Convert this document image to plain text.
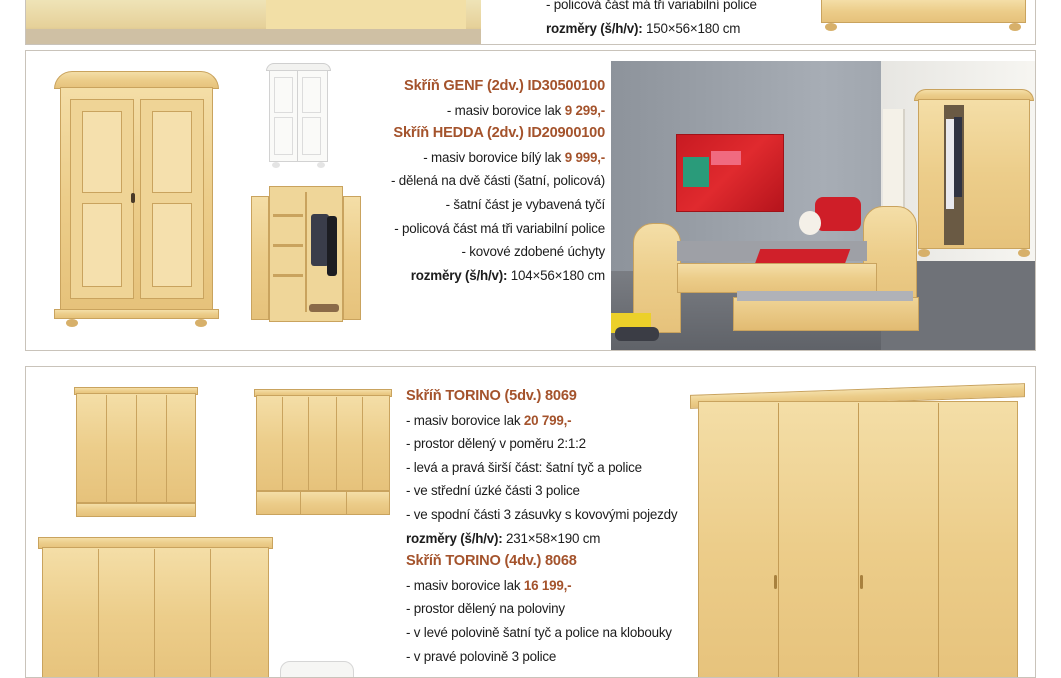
- policová část má tři variabilní police
rozměry (š/h/v): 150×56×180 cm
Skříň GENF (2dv.) ID30500100
- masiv borovice lak 9 299,-
Skříň HEDDA (2dv.) ID20900100
- masiv borovice bílý lak 9 999,-
- dělená na dvě části (šatní, policová)
- šatní část je vybavená tyčí
- policová část má tři variabilní police
- kovové zdobené úchyty
rozměry (š/h/v): 104×56×180 cm
Skříň TORINO (5dv.) 8069
- masiv borovice lak 20 799,-
- prostor dělený v poměru 2:1:2
- levá a pravá širší část: šatní tyč a police
- ve střední úzké části 3 police
- ve spodní části 3 zásuvky s kovovými pojezdy
rozměry (š/h/v): 231×58×190 cm
Skříň TORINO (4dv.) 8068
- masiv borovice lak 16 199,-
- prostor dělený na poloviny
- v levé polovině šatní tyč a police na klobouky
- v pravé polovině 3 police
